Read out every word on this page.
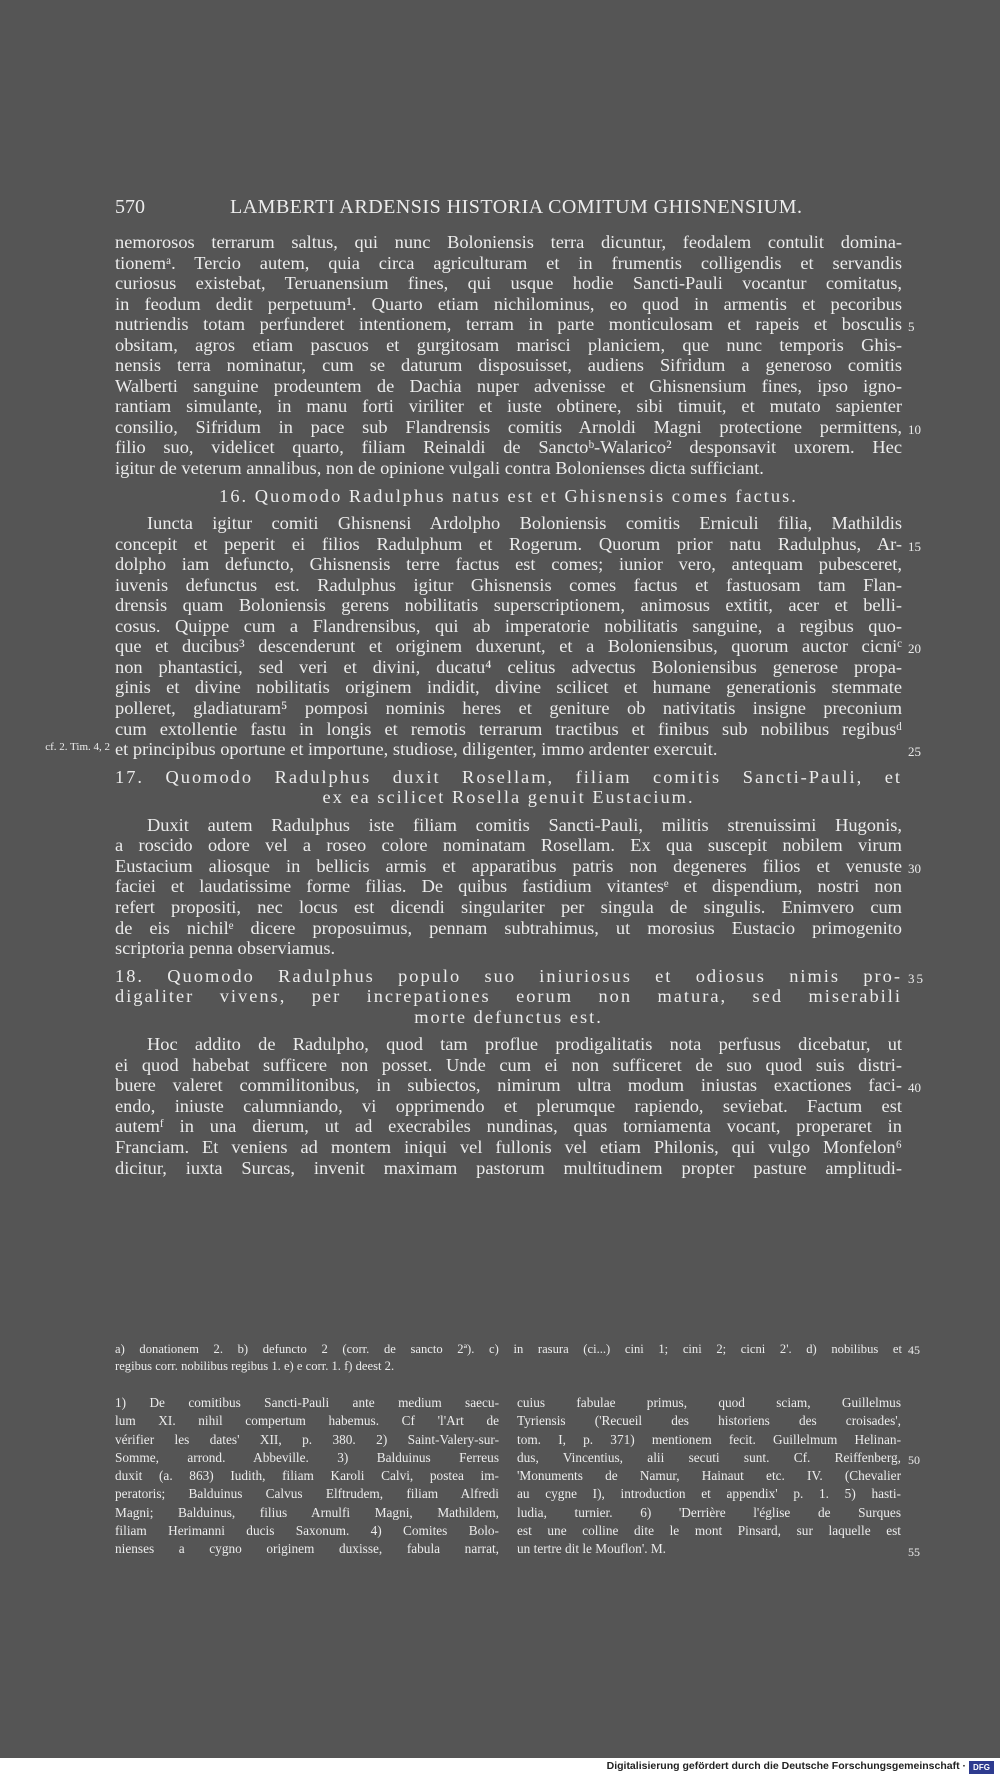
570	LAMBERTI ARDENSIS HISTORIA COMITUM GHISNENSIUM.
nemorosos terrarum saltus, qui nunc Boloniensis terra dicuntur, feodalem contulit domina-
tionemᵃ. Tercio autem, quia circa agriculturam et in frumentis colligendis et servandis
curiosus existebat, Teruanensium fines, qui usque hodie Sancti-Pauli vocantur comitatus,
in feodum dedit perpetuum¹. Quarto etiam nichilominus, eo quod in armentis et pecoribus
nutriendis totam perfunderet intentionem, terram in parte monticulosam et rapeis et bosculis 5
obsitam, agros etiam pascuos et gurgitosam marisci planiciem, que nunc temporis Ghis-
nensis terra nominatur, cum se daturum disposuisset, audiens Sifridum a generoso comitis
Walberti sanguine prodeuntem de Dachia nuper advenisse et Ghisnensium fines, ipso igno-
rantiam simulante, in manu forti viriliter et iuste obtinere, sibi timuit, et mutato sapienter
consilio, Sifridum in pace sub Flandrensis comitis Arnoldi Magni protectione permittens, 10
filio suo, videlicet quarto, filiam Reinaldi de Sanctoᵇ-Walarico² desponsavit uxorem. Hec
igitur de veterum annalibus, non de opinione vulgali contra Bolonienses dicta sufficiant.
16. Quomodo Radulphus natus est et Ghisnensis comes factus.
Iuncta igitur comiti Ghisnensi Ardolpho Boloniensis comitis Erniculi filia, Mathildis
concepit et peperit ei filios Radulphum et Rogerum. Quorum prior natu Radulphus, Ar- 15
dolpho iam defuncto, Ghisnensis terre factus est comes; iunior vero, antequam pubesceret,
iuvenis defunctus est. Radulphus igitur Ghisnensis comes factus et fastuosam tam Flan-
drensis quam Boloniensis gerens nobilitatis superscriptionem, animosus extitit, acer et belli-
cosus. Quippe cum a Flandrensibus, qui ab imperatorie nobilitatis sanguine, a regibus quo-
que et ducibus³ descenderunt et originem duxerunt, et a Boloniensibus, quorum auctor cicniᶜ 20
non phantastici, sed veri et divini, ducatu⁴ celitus advectus Boloniensibus generose propa-
ginis et divine nobilitatis originem indidit, divine scilicet et humane generationis stemmate
polleret, gladiaturam⁵ pomposi nominis heres et geniture ob nativitatis insigne preconium
cum extollentie fastu in longis et remotis terrarum tractibus et finibus sub nobilibus regibusᵈ
cf. 2. Tim. 4, 2 et principibus oportune et importune, studiose, diligenter, immo ardenter exercuit.	25
17. Quomodo Radulphus duxit Rosellam, filiam comitis Sancti-Pauli, et
ex ea scilicet Rosella genuit Eustacium.
Duxit autem Radulphus iste filiam comitis Sancti-Pauli, militis strenuissimi Hugonis,
a roscido odore vel a roseo colore nominatam Rosellam. Ex qua suscepit nobilem virum
Eustacium aliosque in bellicis armis et apparatibus patris non degeneres filios et venuste 30
faciei et laudatissime forme filias. De quibus fastidium vitantesᵉ et dispendium, nostri non
refert propositi, nec locus est dicendi singulariter per singula de singulis. Enimvero cum
de eis nichilᵉ dicere proposuimus, pennam subtrahimus, ut morosius Eustacio primogenito
scriptoria penna observiamus.
18. Quomodo Radulphus populo suo iniuriosus et odiosus nimis pro- 35
digaliter vivens, per increpationes eorum non matura, sed miserabili
morte defunctus est.
Hoc addito de Radulpho, quod tam proflue prodigalitatis nota perfusus dicebatur, ut
ei quod habebat sufficere non posset. Unde cum ei non sufficeret de suo quod suis distri-
buere valeret commilitonibus, in subiectos, nimirum ultra modum iniustas exactiones faci- 40
endo, iniuste calumniando, vi opprimendo et plerumque rapiendo, seviebat. Factum est
autemᶠ in una dierum, ut ad execrabiles nundinas, quas torniamenta vocant, properaret in
Franciam. Et veniens ad montem iniqui vel fullonis vel etiam Philonis, qui vulgo Monfelon⁶
dicitur, iuxta Surcas, invenit maximam pastorum multitudinem propter pasture amplitudi-
a) donationem 2. b) defuncto 2 (corr. de sancto 2ª). c) in rasura (ci...) cini 1; cini 2; cicni 2'. d) nobilibus et 45
regibus corr. nobilibus regibus 1. e) e corr. 1. f) deest 2.
1) De comitibus Sancti-Pauli ante medium saecu-
lum XI. nihil compertum habemus. Cf 'l'Art de
vérifier les dates' XII, p. 380. 2) Saint-Valery-sur-
Somme, arrond. Abbeville. 3) Balduinus Ferreus
duxit (a. 863) Iudith, filiam Karoli Calvi, postea im-
peratoris; Balduinus Calvus Elftrudem, filiam Alfredi
Magni; Balduinus, filius Arnulfi Magni, Mathildem,
filiam Herimanni ducis Saxonum. 4) Comites Bolo-
nienses a cygno originem duxisse, fabula narrat,
cuius fabulae primus, quod sciam, Guillelmus
Tyriensis ('Recueil des historiens des croisades',
tom. I, p. 371) mentionem fecit. Guillelmum Helinan-
dus, Vincentius, alii secuti sunt. Cf. Reiffenberg,
'Monuments de Namur, Hainaut etc. IV. (Chevalier
au cygne I), introduction et appendix' p. 1. 5) hasti-
ludia, turnier. 6) 'Derrière l'église de Surques
est une colline dite le mont Pinsard, sur laquelle est
un tertre dit le Mouflon'. M.
50
55
Digitalisierung gefördert durch die Deutsche Forschungsgemeinschaft · DFG
